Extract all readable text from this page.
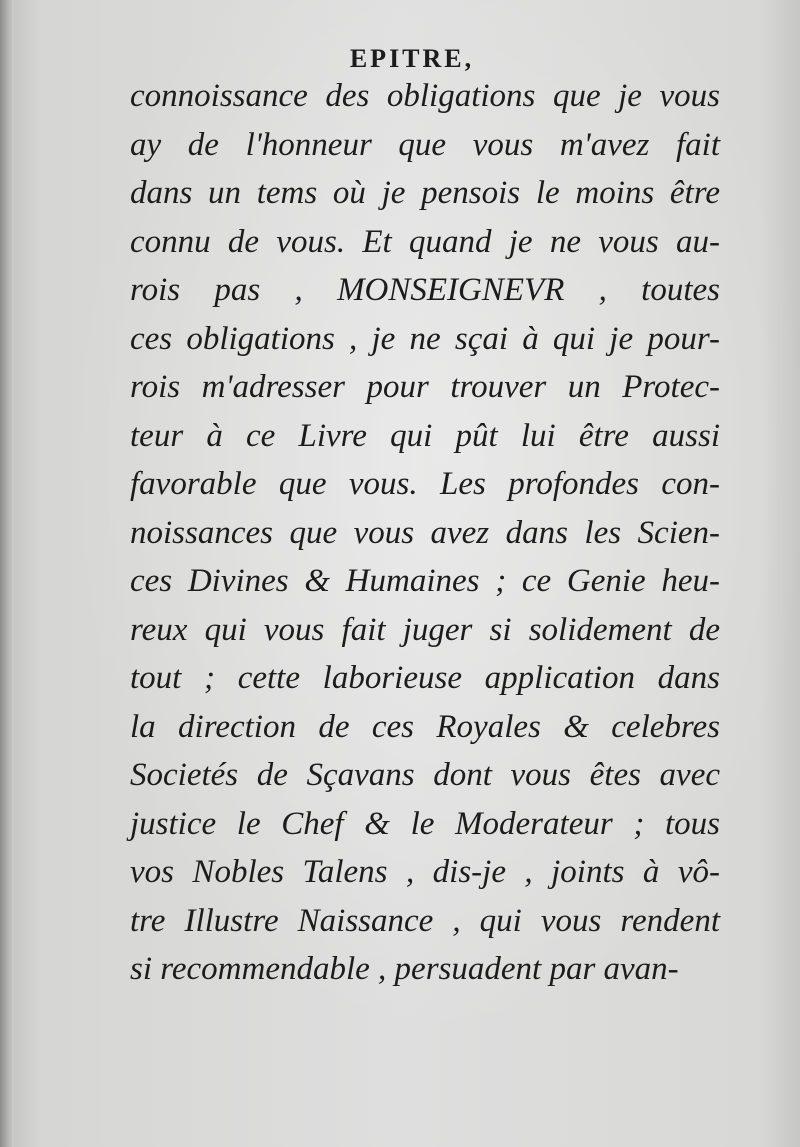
EPITRE,
connoissance des obligations que je vous
ay de l'honneur que vous m'avez fait
dans un tems où je pensois le moins être
connu de vous. Et quand je ne vous au-
rois pas , MONSEIGNEVR , toutes
ces obligations , je ne sçai à qui je pour-
rois m'adresser pour trouver un Protec-
teur à ce Livre qui pût lui être aussi
favorable que vous. Les profondes con-
noissances que vous avez dans les Scien-
ces Divines & Humaines ; ce Genie heu-
reux qui vous fait juger si solidement de
tout ; cette laborieuse application dans
la direction de ces Royales & celebres
Societés de Sçavans dont vous êtes avec
justice le Chef & le Moderateur ; tous
vos Nobles Talens , dis-je , joints à vô-
tre Illustre Naissance , qui vous rendent
si recommendable , persuadent par avan-
